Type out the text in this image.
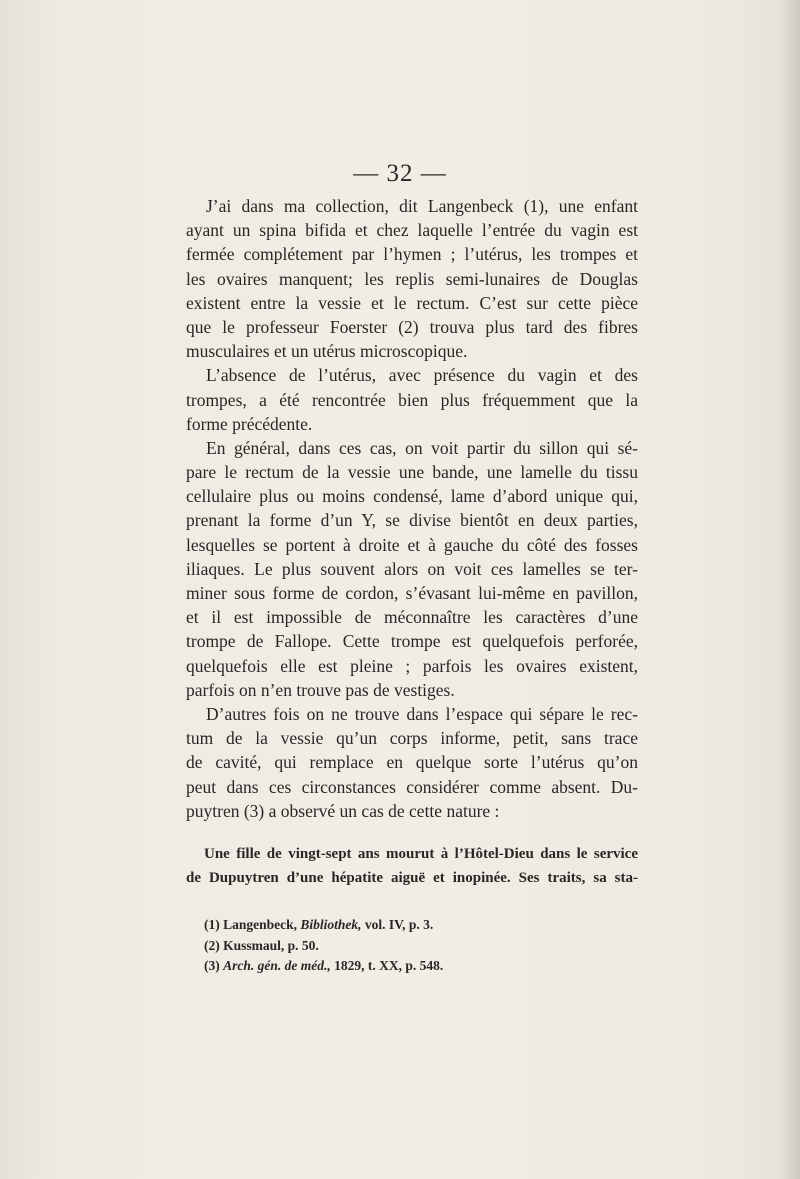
— 32 —
J’ai dans ma collection, dit Langenbeck (1), une enfant
ayant un spina bifida et chez laquelle l’entrée du vagin est
fermée complétement par l’hymen ; l’utérus, les trompes et
les ovaires manquent; les replis semi-lunaires de Douglas
existent entre la vessie et le rectum. C’est sur cette pièce
que le professeur Foerster (2) trouva plus tard des fibres
musculaires et un utérus microscopique.
L’absence de l’utérus, avec présence du vagin et des
trompes, a été rencontrée bien plus fréquemment que la
forme précédente.
En général, dans ces cas, on voit partir du sillon qui sé-
pare le rectum de la vessie une bande, une lamelle du tissu
cellulaire plus ou moins condensé, lame d’abord unique qui,
prenant la forme d’un Y, se divise bientôt en deux parties,
lesquelles se portent à droite et à gauche du côté des fosses
iliaques. Le plus souvent alors on voit ces lamelles se ter-
miner sous forme de cordon, s’évasant lui-même en pavillon,
et il est impossible de méconnaître les caractères d’une
trompe de Fallope. Cette trompe est quelquefois perforée,
quelquefois elle est pleine ; parfois les ovaires existent,
parfois on n’en trouve pas de vestiges.
D’autres fois on ne trouve dans l’espace qui sépare le rec-
tum de la vessie qu’un corps informe, petit, sans trace
de cavité, qui remplace en quelque sorte l’utérus qu’on
peut dans ces circonstances considérer comme absent. Du-
puytren (3) a observé un cas de cette nature :
Une fille de vingt-sept ans mourut à l’Hôtel-Dieu dans le service
de Dupuytren d’une hépatite aiguë et inopinée. Ses traits, sa sta-
(1) Langenbeck, Bibliothek, vol. IV, p. 3.
(2) Kussmaul, p. 50.
(3) Arch. gén. de méd., 1829, t. XX, p. 548.
